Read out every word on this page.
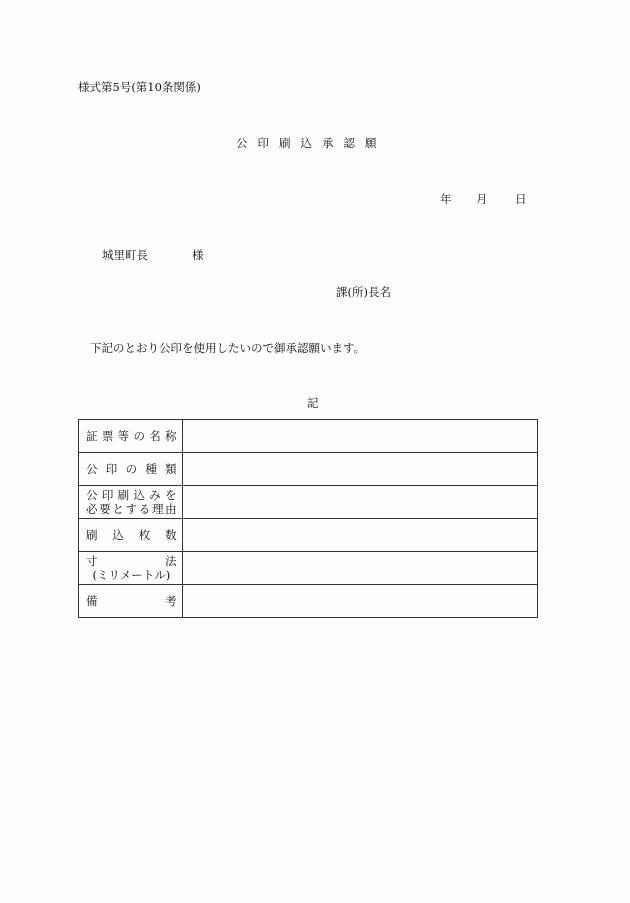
様式第5号(第10条関係)
公印刷込承認願
年 月 日
城里町長	様
課(所)長名
下記のとおり公印を使用したいので御承認願います。
記
証票等の名称	

公印の種類	

公印刷込みを
必要とする理由	

刷込枚数	

寸法
(ミリメートル)	

備考	
